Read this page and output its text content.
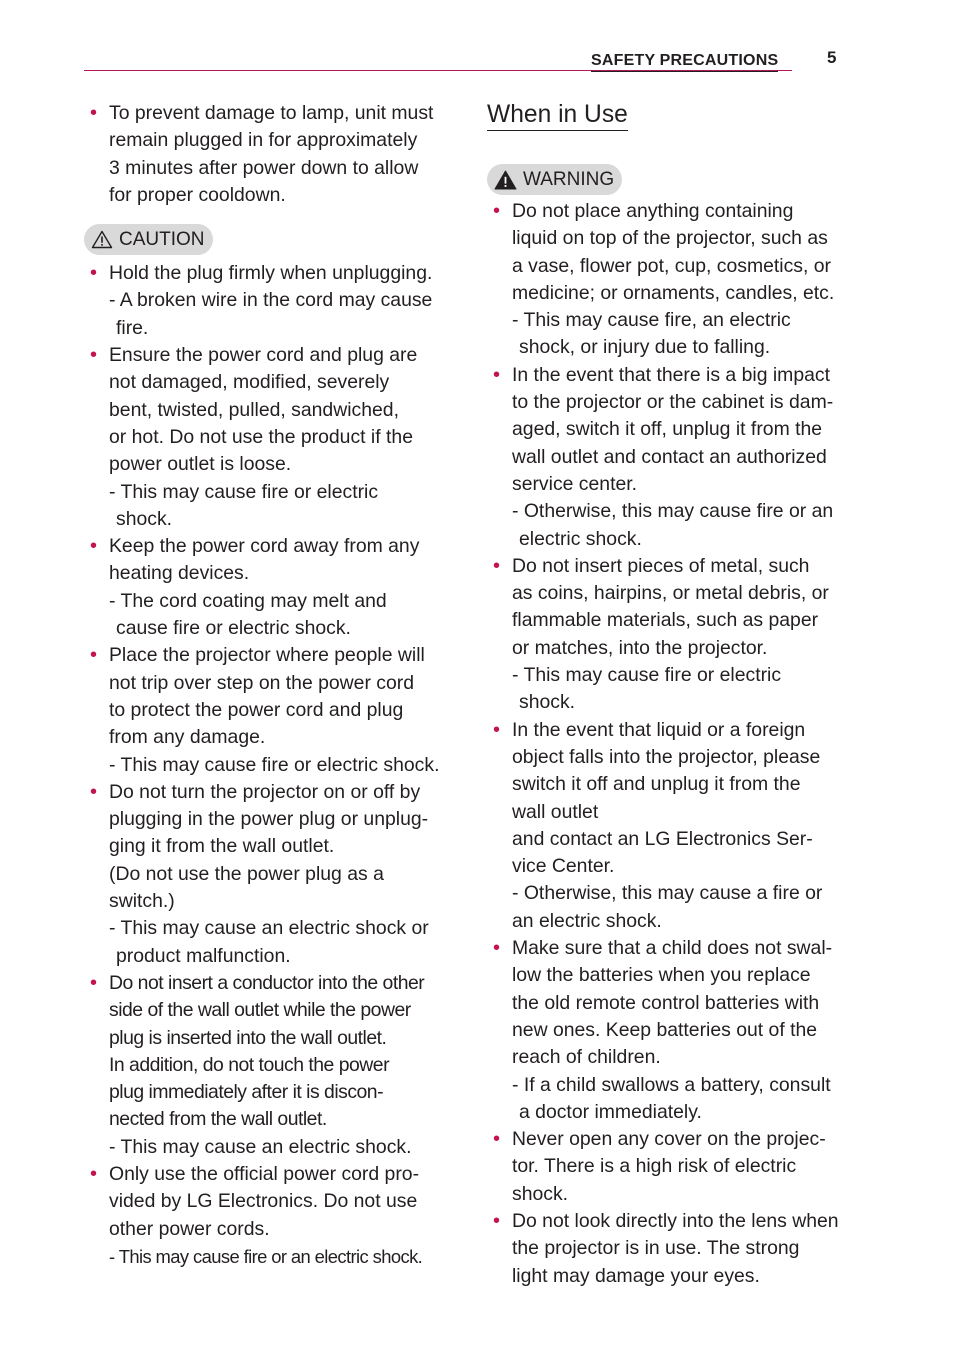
SAFETY PRECAUTIONS	5
• To prevent damage to lamp, unit must
remain plugged in for approximately
3 minutes after power down to allow
for proper cooldown.
CAUTION
• Hold the plug firmly when unplugging.
- A broken wire in the cord may cause
fire.
• Ensure the power cord and plug are
not damaged, modified, severely
bent, twisted, pulled, sandwiched,
or hot. Do not use the product if the
power outlet is loose.
- This may cause fire or electric
shock.
• Keep the power cord away from any
heating devices.
- The cord coating may melt and
cause fire or electric shock.
• Place the projector where people will
not trip over step on the power cord
to protect the power cord and plug
from any damage.
- This may cause fire or electric shock.
• Do not turn the projector on or off by
plugging in the power plug or unplug-
ging it from the wall outlet.
(Do not use the power plug as a
switch.)
- This may cause an electric shock or
product malfunction.
• Do not insert a conductor into the other
side of the wall outlet while the power
plug is inserted into the wall outlet.
In addition, do not touch the power
plug immediately after it is discon-
nected from the wall outlet.
- This may cause an electric shock.
• Only use the official power cord pro-
vided by LG Electronics. Do not use
other power cords.
- This may cause fire or an electric shock.
When in Use
WARNING
• Do not place anything containing
liquid on top of the projector, such as
a vase, flower pot, cup, cosmetics, or
medicine; or ornaments, candles, etc.
- This may cause fire, an electric
shock, or injury due to falling.
• In the event that there is a big impact
to the projector or the cabinet is dam-
aged, switch it off, unplug it from the
wall outlet and contact an authorized
service center.
- Otherwise, this may cause fire or an
electric shock.
• Do not insert pieces of metal, such
as coins, hairpins, or metal debris, or
flammable materials, such as paper
or matches, into the projector.
- This may cause fire or electric
shock.
• In the event that liquid or a foreign
object falls into the projector, please
switch it off and unplug it from the
wall outlet
and contact an LG Electronics Ser-
vice Center.
- Otherwise, this may cause a fire or
an electric shock.
• Make sure that a child does not swal-
low the batteries when you replace
the old remote control batteries with
new ones. Keep batteries out of the
reach of children.
- If a child swallows a battery, consult
a doctor immediately.
• Never open any cover on the projec-
tor. There is a high risk of electric
shock.
• Do not look directly into the lens when
the projector is in use. The strong
light may damage your eyes.
